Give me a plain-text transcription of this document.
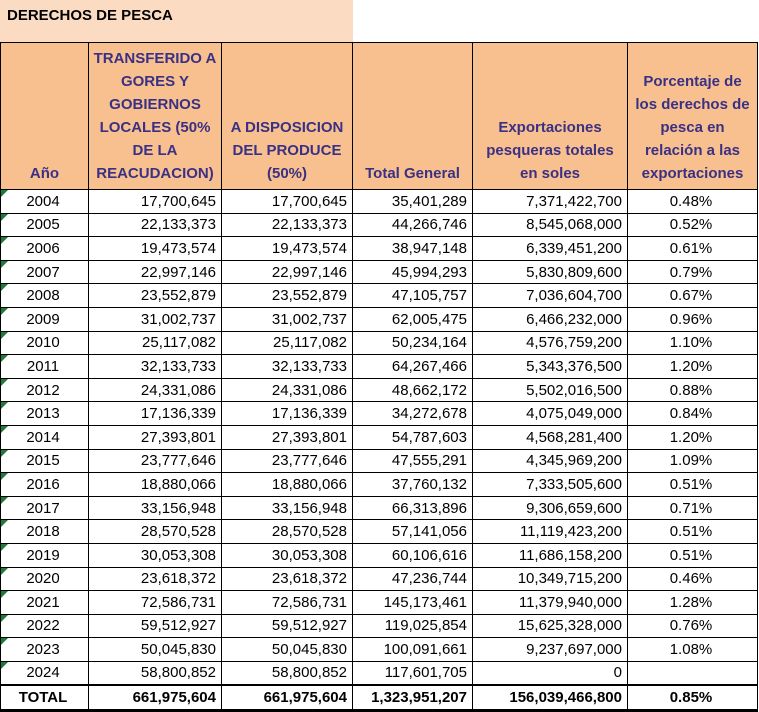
DERECHOS DE PESCA
Año	TRANSFERIDO A GORES Y GOBIERNOS LOCALES (50% DE LA REACUDACION)	A DISPOSICION DEL PRODUCE (50%)	Total General	Exportaciones pesqueras totales en soles	Porcentaje de los derechos de pesca en relación a las exportaciones

2004	17,700,645	17,700,645	35,401,289	7,371,422,700	0.48%

2005	22,133,373	22,133,373	44,266,746	8,545,068,000	0.52%

2006	19,473,574	19,473,574	38,947,148	6,339,451,200	0.61%

2007	22,997,146	22,997,146	45,994,293	5,830,809,600	0.79%

2008	23,552,879	23,552,879	47,105,757	7,036,604,700	0.67%

2009	31,002,737	31,002,737	62,005,475	6,466,232,000	0.96%

2010	25,117,082	25,117,082	50,234,164	4,576,759,200	1.10%

2011	32,133,733	32,133,733	64,267,466	5,343,376,500	1.20%

2012	24,331,086	24,331,086	48,662,172	5,502,016,500	0.88%

2013	17,136,339	17,136,339	34,272,678	4,075,049,000	0.84%

2014	27,393,801	27,393,801	54,787,603	4,568,281,400	1.20%

2015	23,777,646	23,777,646	47,555,291	4,345,969,200	1.09%

2016	18,880,066	18,880,066	37,760,132	7,333,505,600	0.51%

2017	33,156,948	33,156,948	66,313,896	9,306,659,600	0.71%

2018	28,570,528	28,570,528	57,141,056	11,119,423,200	0.51%

2019	30,053,308	30,053,308	60,106,616	11,686,158,200	0.51%

2020	23,618,372	23,618,372	47,236,744	10,349,715,200	0.46%

2021	72,586,731	72,586,731	145,173,461	11,379,940,000	1.28%

2022	59,512,927	59,512,927	119,025,854	15,625,328,000	0.76%

2023	50,045,830	50,045,830	100,091,661	9,237,697,000	1.08%

2024	58,800,852	58,800,852	117,601,705	0	
TOTAL	661,975,604	661,975,604	1,323,951,207	156,039,466,800	0.85%
